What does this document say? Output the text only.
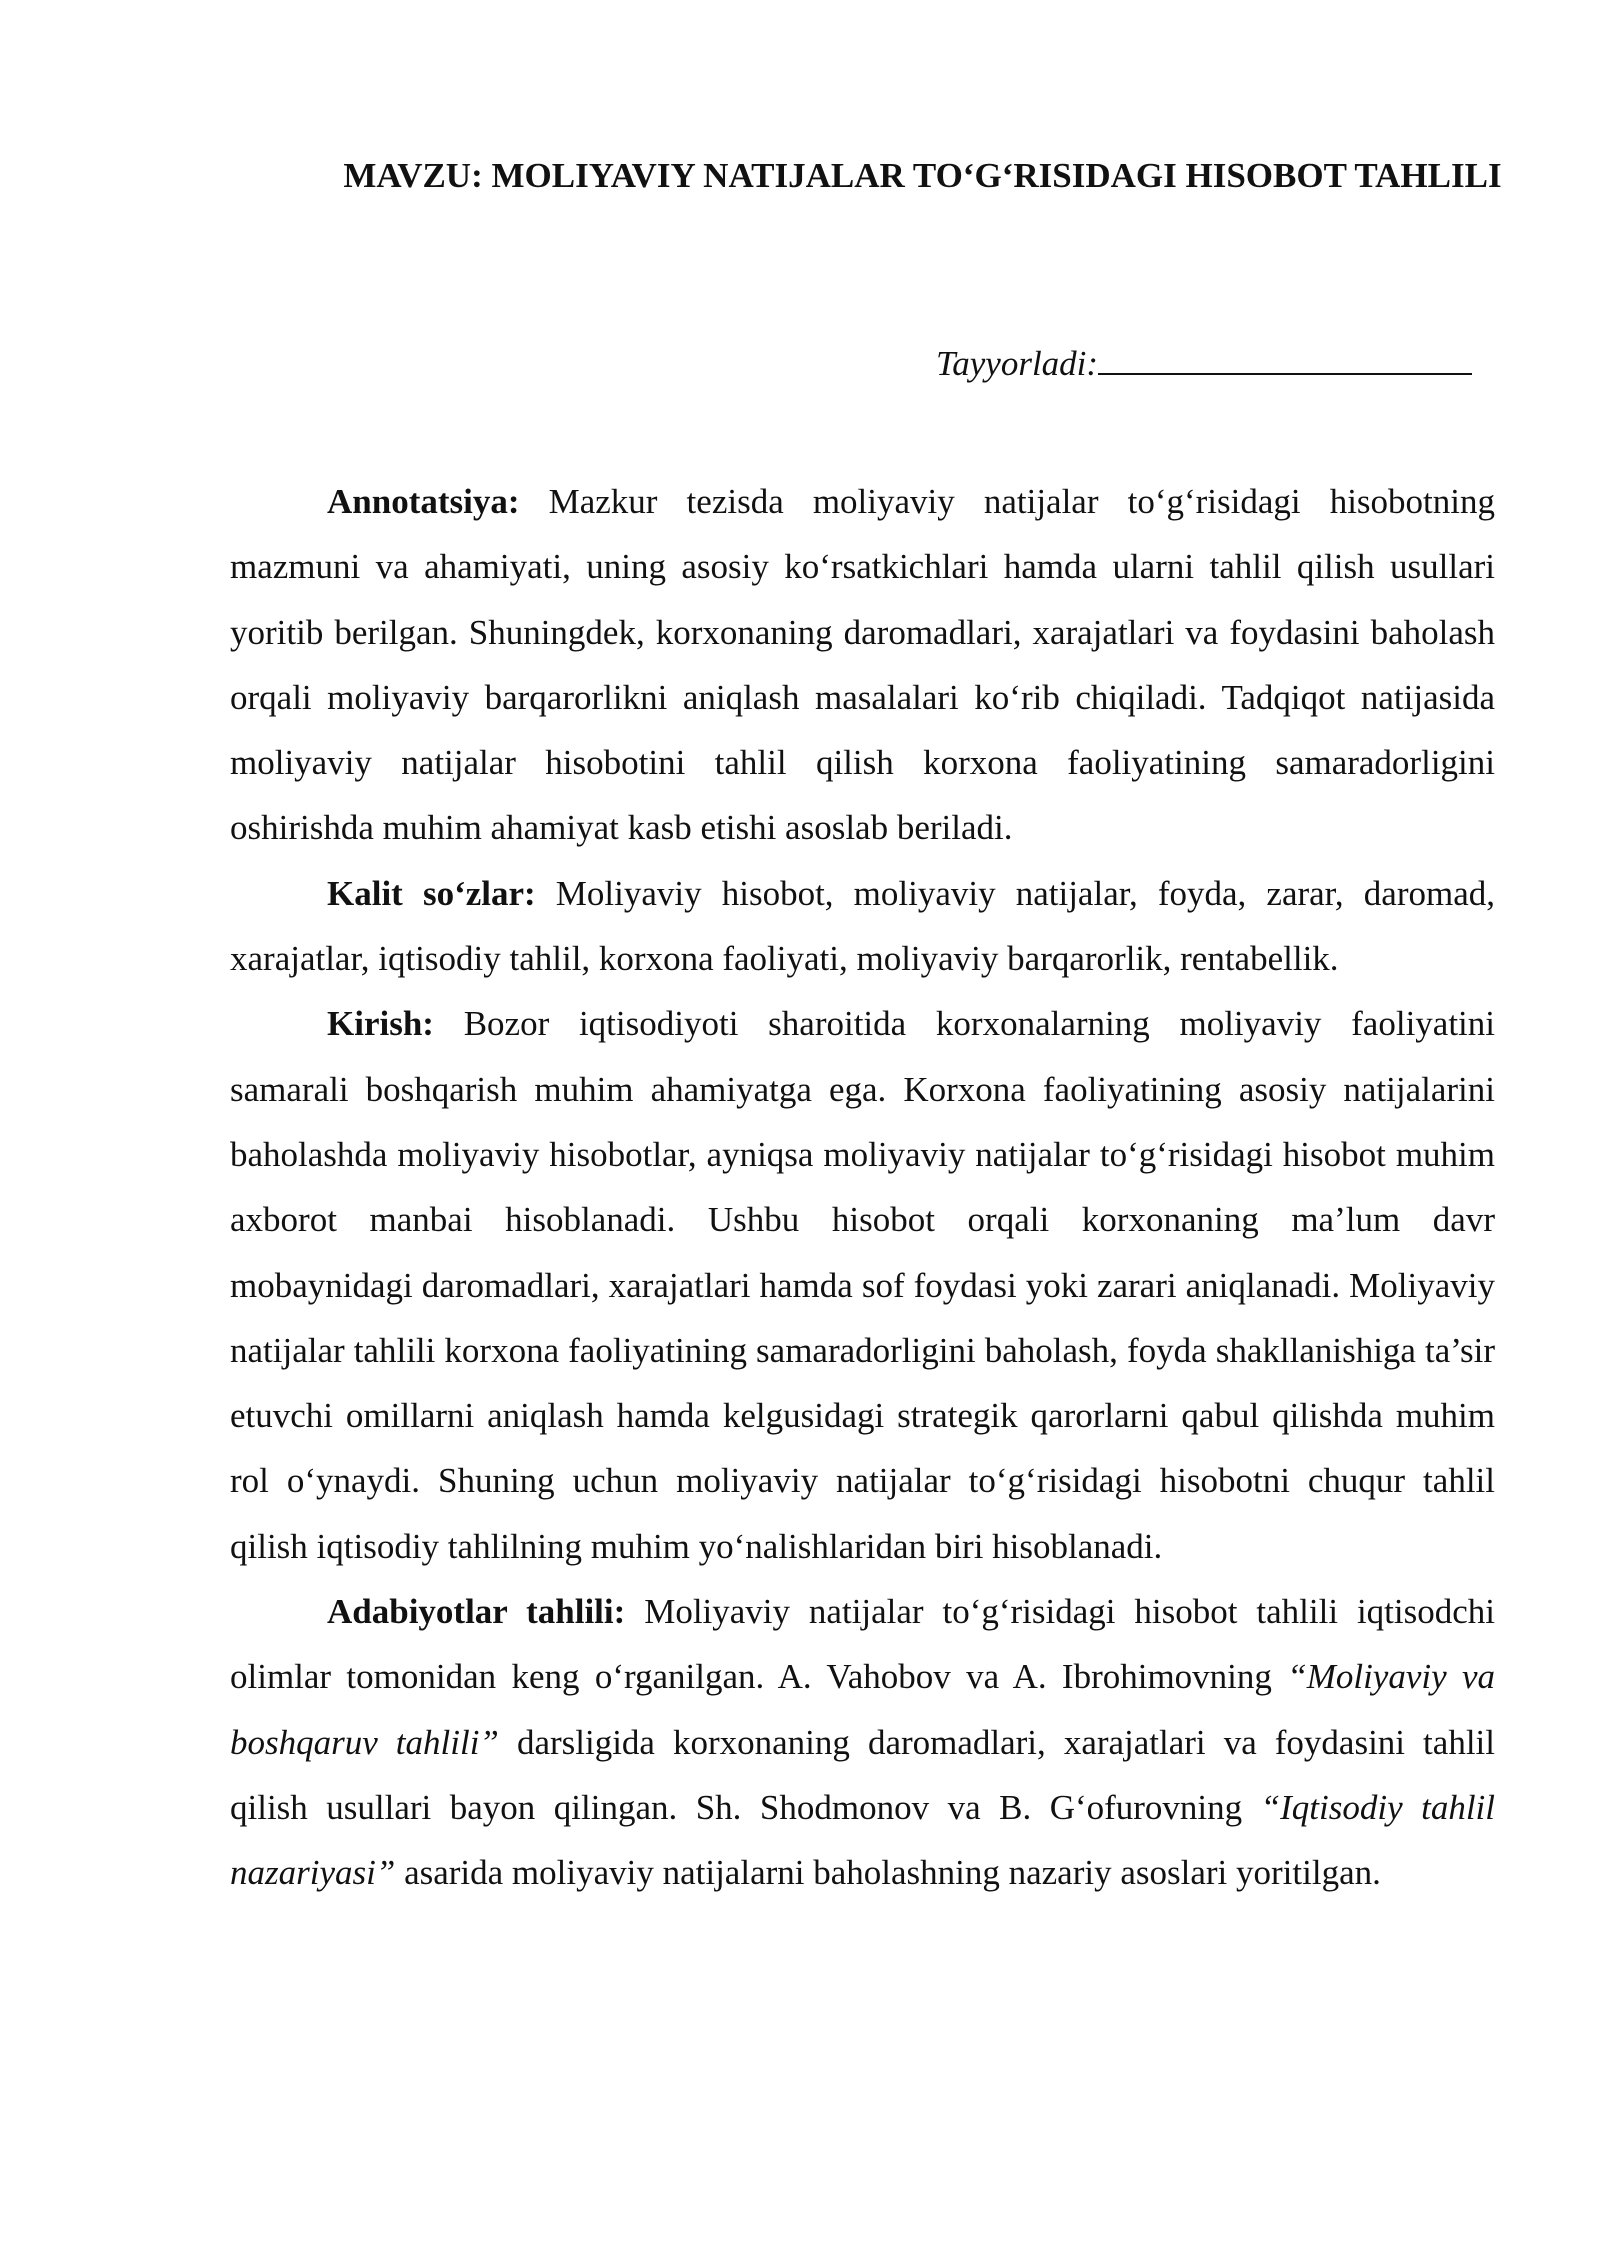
MAVZU: MOLIYAVIY NATIJALAR TO‘G‘RISIDAGI HISOBOT TAHLILI
Tayyorladi:

Annotatsiya: Mazkur tezisda moliyaviy natijalar to‘g‘risidagi hisobotning mazmuni va ahamiyati, uning asosiy ko‘rsatkichlari hamda ularni tahlil qilish usullari yoritib berilgan. Shuningdek, korxonaning daromadlari, xarajatlari va foydasini baholash orqali moliyaviy barqarorlikni aniqlash masalalari ko‘rib chiqiladi. Tadqiqot natijasida moliyaviy natijalar hisobotini tahlil qilish korxona faoliyatining samaradorligini oshirishda muhim ahamiyat kasb etishi asoslab beriladi.

Kalit so‘zlar: Moliyaviy hisobot, moliyaviy natijalar, foyda, zarar, daromad, xarajatlar, iqtisodiy tahlil, korxona faoliyati, moliyaviy barqarorlik, rentabellik.

Kirish: Bozor iqtisodiyoti sharoitida korxonalarning moliyaviy faoliyatini samarali boshqarish muhim ahamiyatga ega. Korxona faoliyatining asosiy natijalarini baholashda moliyaviy hisobotlar, ayniqsa moliyaviy natijalar to‘g‘risidagi hisobot muhim axborot manbai hisoblanadi. Ushbu hisobot orqali korxonaning ma’lum davr mobaynidagi daromadlari, xarajatlari hamda sof foydasi yoki zarari aniqlanadi. Moliyaviy natijalar tahlili korxona faoliyatining samaradorligini baholash, foyda shakllanishiga ta’sir etuvchi omillarni aniqlash hamda kelgusidagi strategik qarorlarni qabul qilishda muhim rol o‘ynaydi. Shuning uchun moliyaviy natijalar to‘g‘risidagi hisobotni chuqur tahlil qilish iqtisodiy tahlilning muhim yo‘nalishlaridan biri hisoblanadi.

Adabiyotlar tahlili: Moliyaviy natijalar to‘g‘risidagi hisobot tahlili iqtisodchi olimlar tomonidan keng o‘rganilgan. A. Vahobov va A. Ibrohimovning “Moliyaviy va boshqaruv tahlili” darsligida korxonaning daromadlari, xarajatlari va foydasini tahlil qilish usullari bayon qilingan. Sh. Shodmonov va B. G‘ofurovning “Iqtisodiy tahlil nazariyasi” asarida moliyaviy natijalarni baholashning nazariy asoslari yoritilgan.
